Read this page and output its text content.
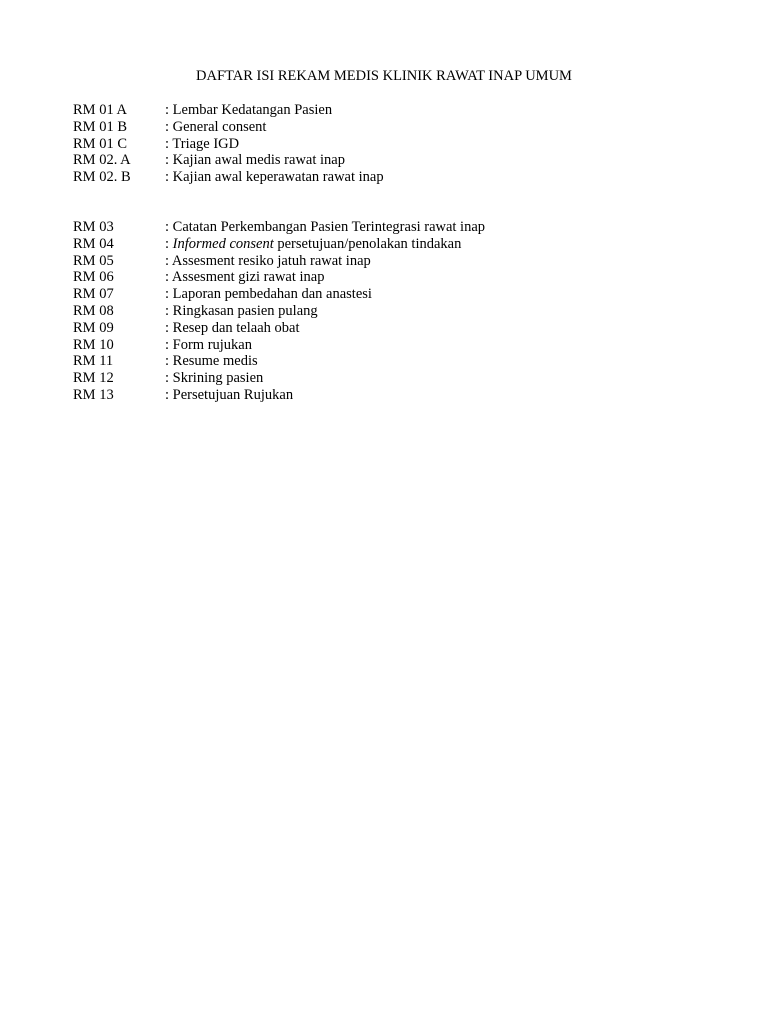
DAFTAR ISI REKAM MEDIS KLINIK RAWAT INAP UMUM
RM 01 A	: Lembar Kedatangan Pasien
RM 01 B	: General consent
RM 01 C	: Triage IGD
RM 02. A	: Kajian awal medis rawat inap
RM 02. B	: Kajian awal keperawatan rawat inap
RM 03	: Catatan Perkembangan Pasien Terintegrasi rawat inap
RM 04	: Informed consent persetujuan/penolakan tindakan
RM 05	: Assesment resiko jatuh rawat inap
RM 06	: Assesment gizi rawat inap
RM 07	: Laporan pembedahan dan anastesi
RM 08	: Ringkasan pasien pulang
RM 09	: Resep dan telaah obat
RM 10	: Form rujukan
RM 11	: Resume medis
RM 12	: Skrining pasien
RM 13	: Persetujuan Rujukan
